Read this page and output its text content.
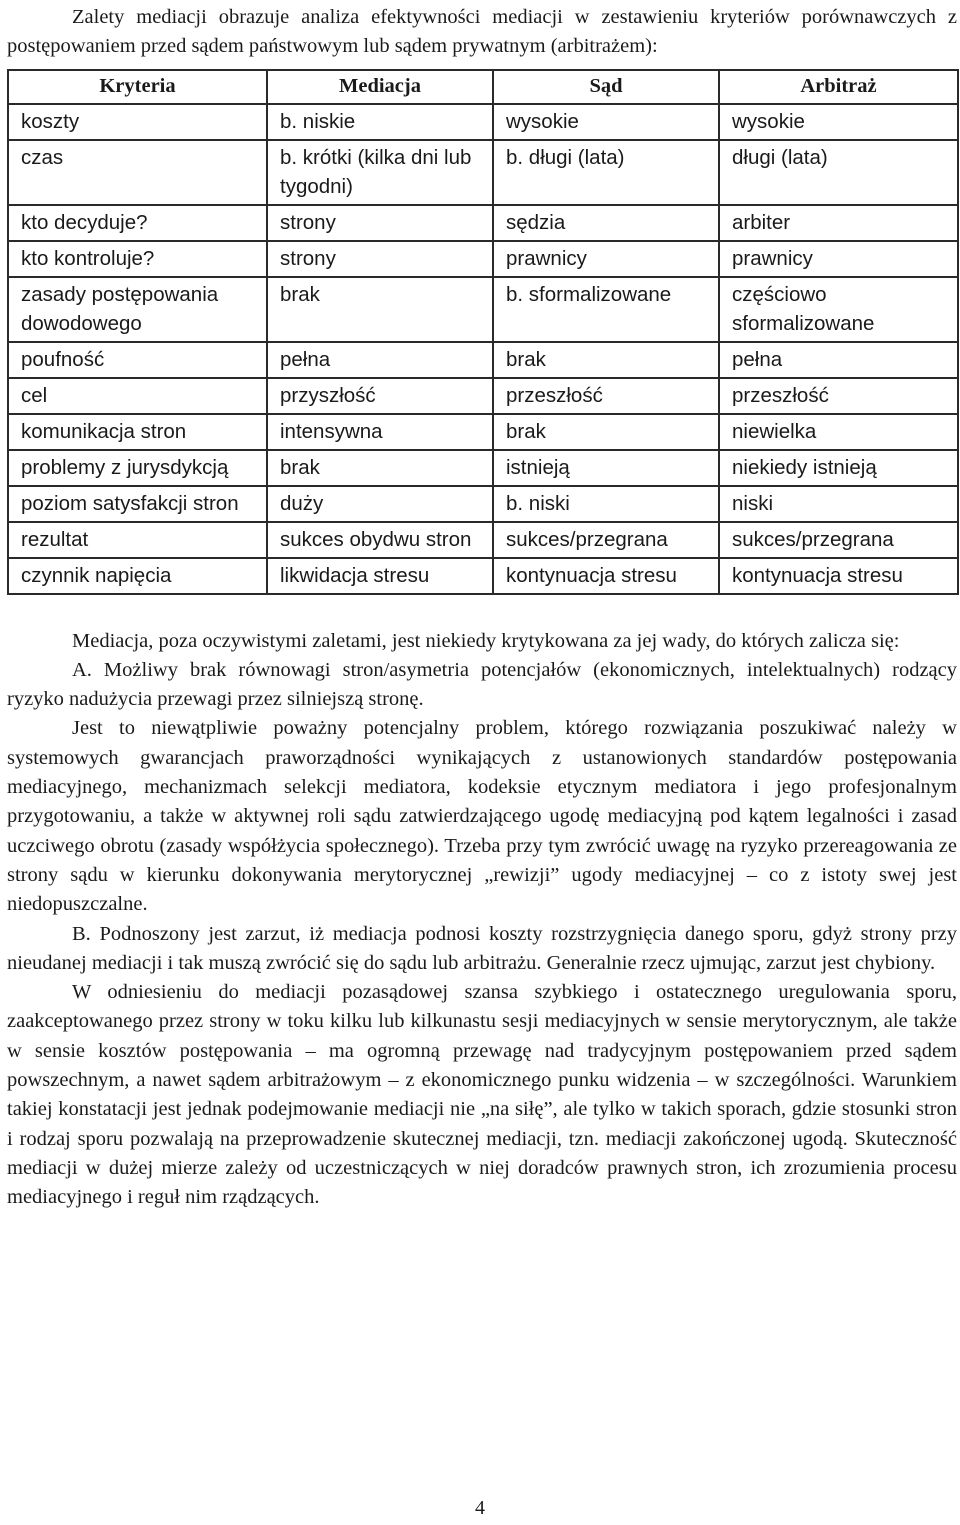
Zalety mediacji obrazuje analiza efektywności mediacji w zestawieniu kryteriów porównawczych z postępowaniem przed sądem państwowym lub sądem prywatnym (arbitrażem):

Kryteria	Mediacja	Sąd	Arbitraż
koszty	b. niskie	wysokie	wysokie
czas	b. krótki (kilka dni lub tygodni)	b. długi (lata)	długi (lata)
kto decyduje?	strony	sędzia	arbiter
kto kontroluje?	strony	prawnicy	prawnicy
zasady postępowania dowodowego	brak	b. sformalizowane	częściowo sformalizowane
poufność	pełna	brak	pełna
cel	przyszłość	przeszłość	przeszłość
komunikacja stron	intensywna	brak	niewielka
problemy z jurysdykcją	brak	istnieją	niekiedy istnieją
poziom satysfakcji stron	duży	b. niski	niski
rezultat	sukces obydwu stron	sukces/przegrana	sukces/przegrana
czynnik napięcia	likwidacja stresu	kontynuacja stresu	kontynuacja stresu

Mediacja, poza oczywistymi zaletami, jest niekiedy krytykowana za jej wady, do których zalicza się:

A. Możliwy brak równowagi stron/asymetria potencjałów (ekonomicznych, intelektualnych) rodzący ryzyko nadużycia przewagi przez silniejszą stronę.

Jest to niewątpliwie poważny potencjalny problem, którego rozwiązania poszukiwać należy w systemowych gwarancjach praworządności wynikających z ustanowionych standardów postępowania mediacyjnego, mechanizmach selekcji mediatora, kodeksie etycznym mediatora i jego profesjonalnym przygotowaniu, a także w aktywnej roli sądu zatwierdzającego ugodę mediacyjną pod kątem legalności i zasad uczciwego obrotu (zasady współżycia społecznego). Trzeba przy tym zwrócić uwagę na ryzyko przereagowania ze strony sądu w kierunku dokonywania merytorycznej „rewizji” ugody mediacyjnej – co z istoty swej jest niedopuszczalne.

B. Podnoszony jest zarzut, iż mediacja podnosi koszty rozstrzygnięcia danego sporu, gdyż strony przy nieudanej mediacji i tak muszą zwrócić się do sądu lub arbitrażu. Generalnie rzecz ujmując, zarzut jest chybiony.

W odniesieniu do mediacji pozasądowej szansa szybkiego i ostatecznego uregulowania sporu, zaakceptowanego przez strony w toku kilku lub kilkunastu sesji mediacyjnych w sensie merytorycznym, ale także w sensie kosztów postępowania – ma ogromną przewagę nad tradycyjnym postępowaniem przed sądem powszechnym, a nawet sądem arbitrażowym – z ekonomicznego punku widzenia – w szczególności. Warunkiem takiej konstatacji jest jednak podejmowanie mediacji nie „na siłę”, ale tylko w takich sporach, gdzie stosunki stron i rodzaj sporu pozwalają na przeprowadzenie skutecznej mediacji, tzn. mediacji zakończonej ugodą. Skuteczność mediacji w dużej mierze zależy od uczestniczących w niej doradców prawnych stron, ich zrozumienia procesu mediacyjnego i reguł nim rządzących.

4
